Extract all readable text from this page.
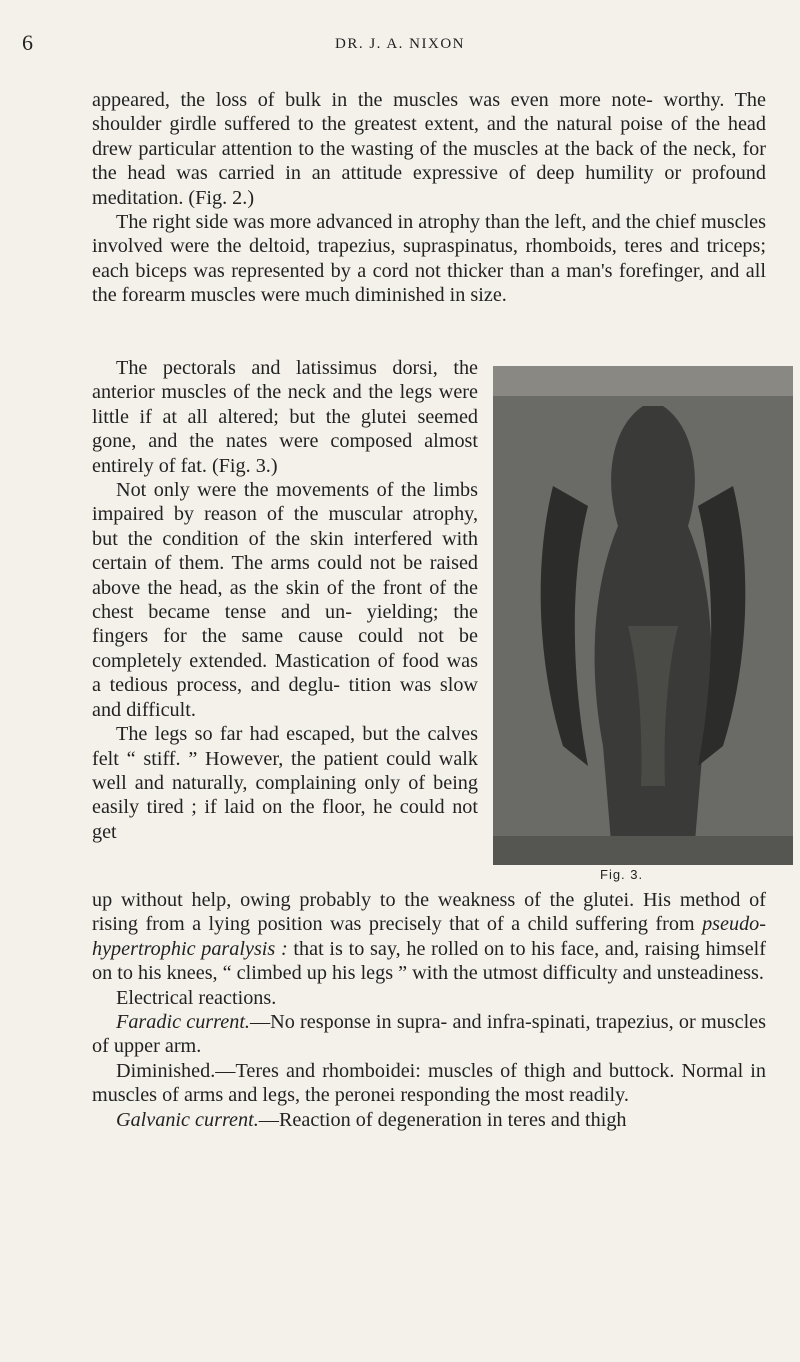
6	DR. J. A. NIXON

appeared, the loss of bulk in the muscles was even more note- worthy. The shoulder girdle suffered to the greatest extent, and the natural poise of the head drew particular attention to the wasting of the muscles at the back of the neck, for the head was carried in an attitude expressive of deep humility or profound meditation. (Fig. 2.)

The right side was more advanced in atrophy than the left, and the chief muscles involved were the deltoid, trapezius, supraspinatus, rhomboids, teres and triceps; each biceps was represented by a cord not thicker than a man's forefinger, and all the forearm muscles were much diminished in size.

The pectorals and latissimus dorsi, the anterior muscles of the neck and the legs were little if at all altered; but the glutei seemed gone, and the nates were composed almost entirely of fat. (Fig. 3.)

Not only were the movements of the limbs impaired by reason of the muscular atrophy, but the condition of the skin interfered with certain of them. The arms could not be raised above the head, as the skin of the front of the chest became tense and un- yielding; the fingers for the same cause could not be completely extended. Mastication of food was a tedious process, and deglu- tition was slow and difficult.

The legs so far had escaped, but the calves felt “ stiff. ” However, the patient could walk well and naturally, complaining only of being easily tired ; if laid on the floor, he could not get

Fig. 3.

up without help, owing probably to the weakness of the glutei. His method of rising from a lying position was precisely that of a child suffering from pseudo-hypertrophic paralysis : that is to say, he rolled on to his face, and, raising himself on to his knees, “ climbed up his legs ” with the utmost difficulty and unsteadiness.

Electrical reactions.

Faradic current.—No response in supra- and infra-spinati, trapezius, or muscles of upper arm.

Diminished.—Teres and rhomboidei: muscles of thigh and buttock. Normal in muscles of arms and legs, the peronei responding the most readily.

Galvanic current.—Reaction of degeneration in teres and thigh
